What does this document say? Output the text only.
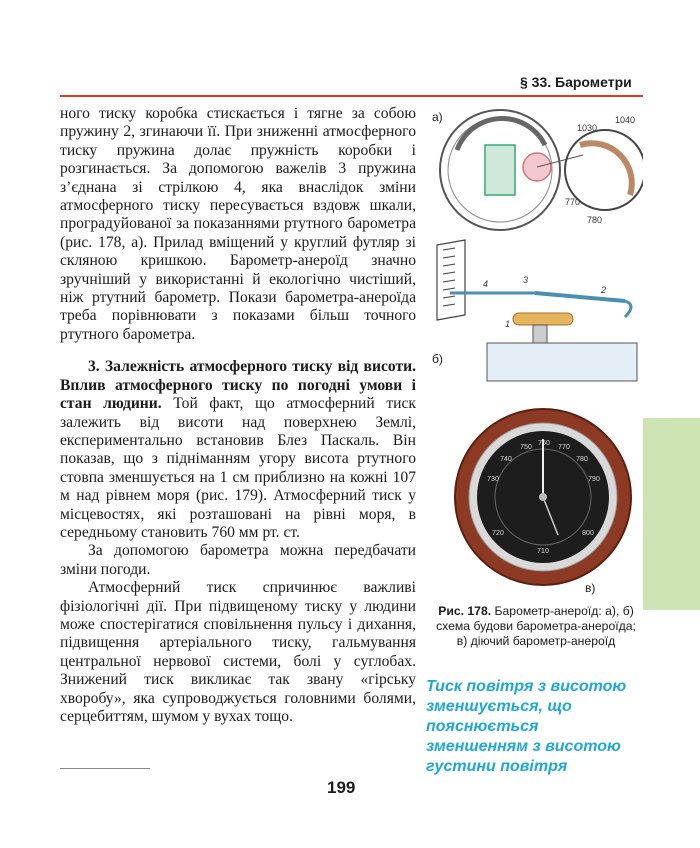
§ 33. Барометри

ного тиску коробка стискається і тягне за собою пружину 2, згинаючи її. При зниженні атмосферного тиску пружина долає пружність коробки і розгинається. За допомогою важелів 3 пружина з’єднана зі стрілкою 4, яка внаслідок зміни атмосферного тиску пересувається вздовж шкали, проградуйованої за показаннями ртутного барометра (рис. 178, а). Прилад вміщений у круглий футляр зі скляною кришкою. Барометр-анероїд значно зручніший у використанні й екологічно чистіший, ніж ртутний барометр. Покази барометра-анероїда треба порівнювати з показами більш точного ртутного барометра.

3. Залежність атмосферного тиску від висоти. Вплив атмосферного тиску по погодні умови і стан людини. Той факт, що атмосферний тиск залежить від висоти над поверхнею Землі, експериментально встановив Блез Паскаль. Він показав, що з підніманням угору висота ртутного стовпа зменшується на 1 см приблизно на кожні 107 м над рівнем моря (рис. 179). Атмосферний тиск у місцевостях, які розташовані на рівні моря, в середньому становить 760 мм рт. ст.

За допомогою барометра можна передбачати зміни погоди.

Атмосферний тиск спричинює важливі фізіологічні дії. При підвищеному тиску у людини може спостерігатися сповільнення пульсу і дихання, підвищення артеріального тиску, гальмування центральної нервової системи, болі у суглобах. Знижений тиск викликає так звану «гірську хворобу», яка супроводжується головними болями, серцебиттям, шумом у вухах тощо.

а)
1030
1040
770
780
4	3
2
1
б)
750
760
770
740	780
730	790
720
710
800
в)
Рис. 178. Барометр-анероїд: а), б) схема будови барометра-анероїда; в) діючий барометр-анероїд
Тиск повітря з висотою зменшується, що пояснюється зменшенням з висотою густини повітря
199
